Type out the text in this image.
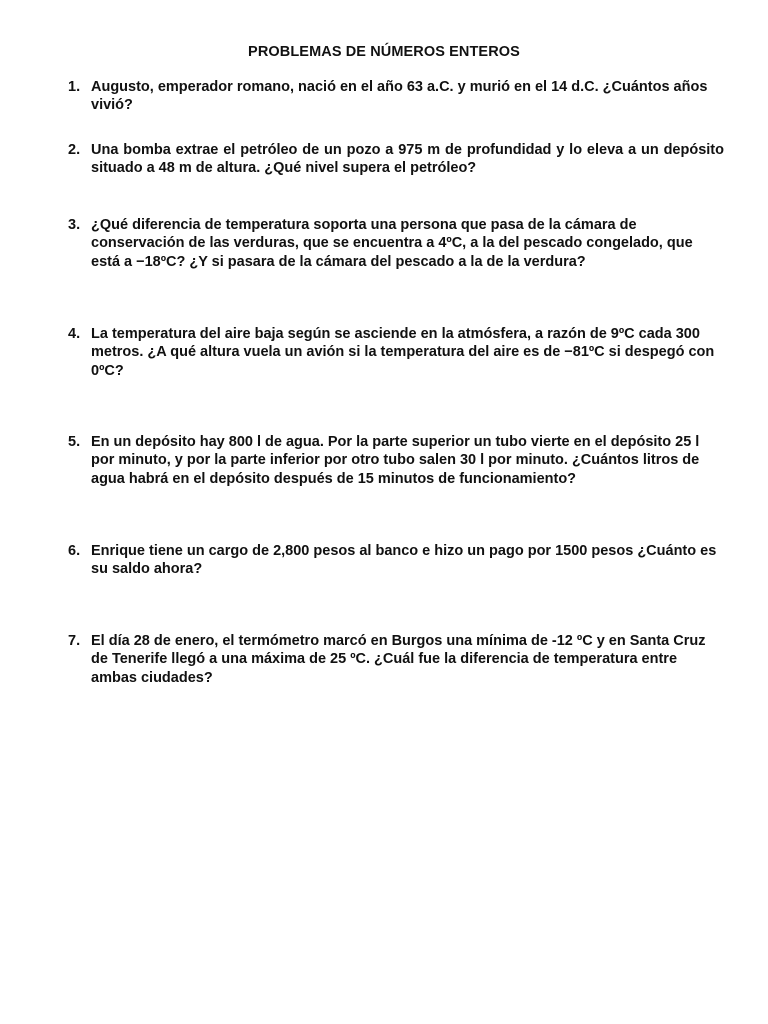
PROBLEMAS DE NÚMEROS ENTEROS
1. Augusto, emperador romano, nació en el año 63 a.C. y murió en el 14 d.C. ¿Cuántos años vivió?
2. Una bomba extrae el petróleo de un pozo a 975 m de profundidad y lo eleva a un depósito situado a 48 m de altura. ¿Qué nivel supera el petróleo?
3. ¿Qué diferencia de temperatura soporta una persona que pasa de la cámara de conservación de las verduras, que se encuentra a 4ºC, a la del pescado congelado, que está a −18ºC? ¿Y si pasara de la cámara del pescado a la de la verdura?
4. La temperatura del aire baja según se asciende en la atmósfera, a razón de 9ºC cada 300 metros. ¿A qué altura vuela un avión si la temperatura del aire es de −81ºC si despegó con 0ºC?
5. En un depósito hay 800 l de agua. Por la parte superior un tubo vierte en el depósito 25 l por minuto, y por la parte inferior por otro tubo salen 30 l por minuto. ¿Cuántos litros de agua habrá en el depósito después de 15 minutos de funcionamiento?
6. Enrique tiene un cargo de 2,800 pesos al banco e hizo un pago por 1500 pesos ¿Cuánto es su saldo ahora?
7. El día 28 de enero, el termómetro marcó en Burgos una mínima de -12 ºC y en Santa Cruz de Tenerife llegó a una máxima de 25 ºC. ¿Cuál fue la diferencia de temperatura entre ambas ciudades?
